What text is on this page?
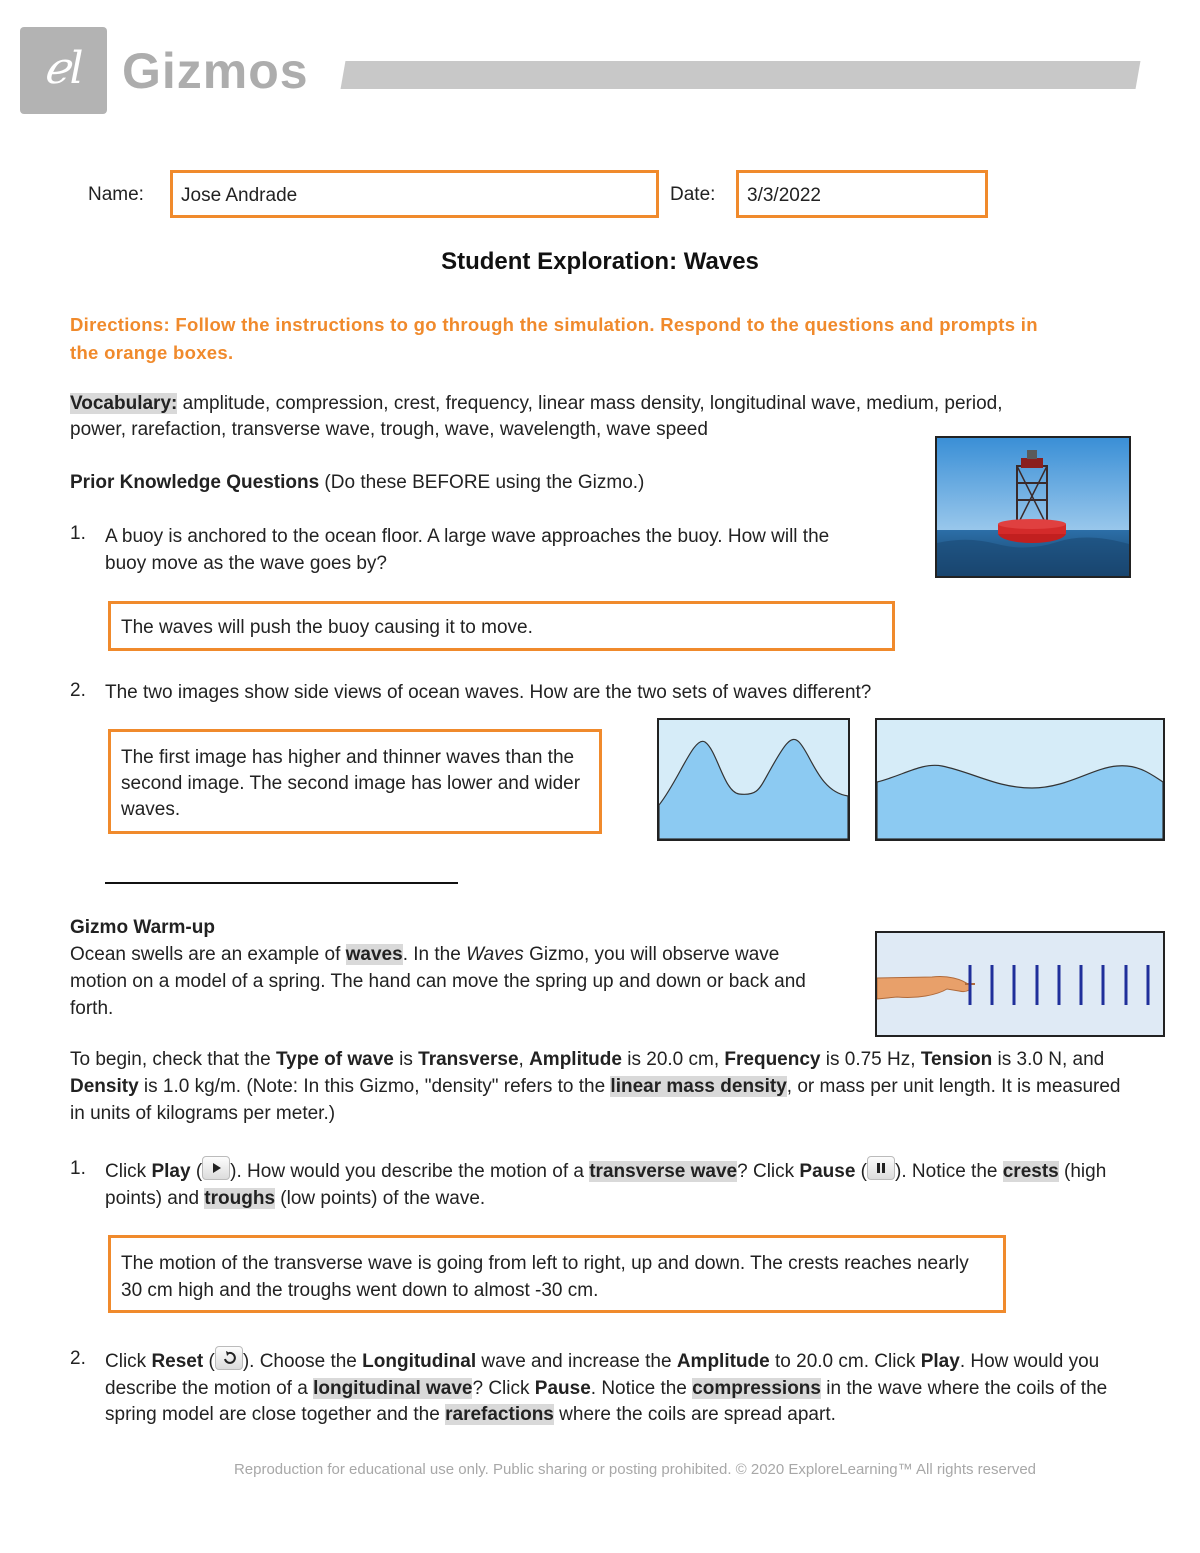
ℯl Gizmos
Name: Jose Andrade	Date: 3/3/2022
Student Exploration: Waves
Directions: Follow the instructions to go through the simulation. Respond to the questions and prompts in the orange boxes.
Vocabulary: amplitude, compression, crest, frequency, linear mass density, longitudinal wave, medium, period,
power, rarefaction, transverse wave, trough, wave, wavelength, wave speed
Prior Knowledge Questions (Do these BEFORE using the Gizmo.)
1. A buoy is anchored to the ocean floor. A large wave approaches the buoy. How will the buoy move as the wave goes by?
The waves will push the buoy causing it to move.
2. The two images show side views of ocean waves. How are the two sets of waves different?
The first image has higher and thinner waves than the second image. The second image has lower and wider waves.
Gizmo Warm-up
Ocean swells are an example of waves. In the Waves Gizmo, you will observe wave motion on a model of a spring. The hand can move the spring up and down or back and forth.
To begin, check that the Type of wave is Transverse, Amplitude is 20.0 cm, Frequency is 0.75 Hz, Tension is 3.0 N, and Density is 1.0 kg/m. (Note: In this Gizmo, "density" refers to the linear mass density, or mass per unit length. It is measured in units of kilograms per meter.)
1. Click Play ( ). How would you describe the motion of a transverse wave? Click Pause ( ). Notice the crests (high points) and troughs (low points) of the wave.
The motion of the transverse wave is going from left to right, up and down. The crests reaches nearly 30 cm high and the troughs went down to almost -30 cm.
2. Click Reset ( ). Choose the Longitudinal wave and increase the Amplitude to 20.0 cm. Click Play. How would you describe the motion of a longitudinal wave? Click Pause. Notice the compressions in the wave where the coils of the spring model are close together and the rarefactions where the coils are spread apart.
Reproduction for educational use only. Public sharing or posting prohibited. © 2020 ExploreLearning™ All rights reserved
